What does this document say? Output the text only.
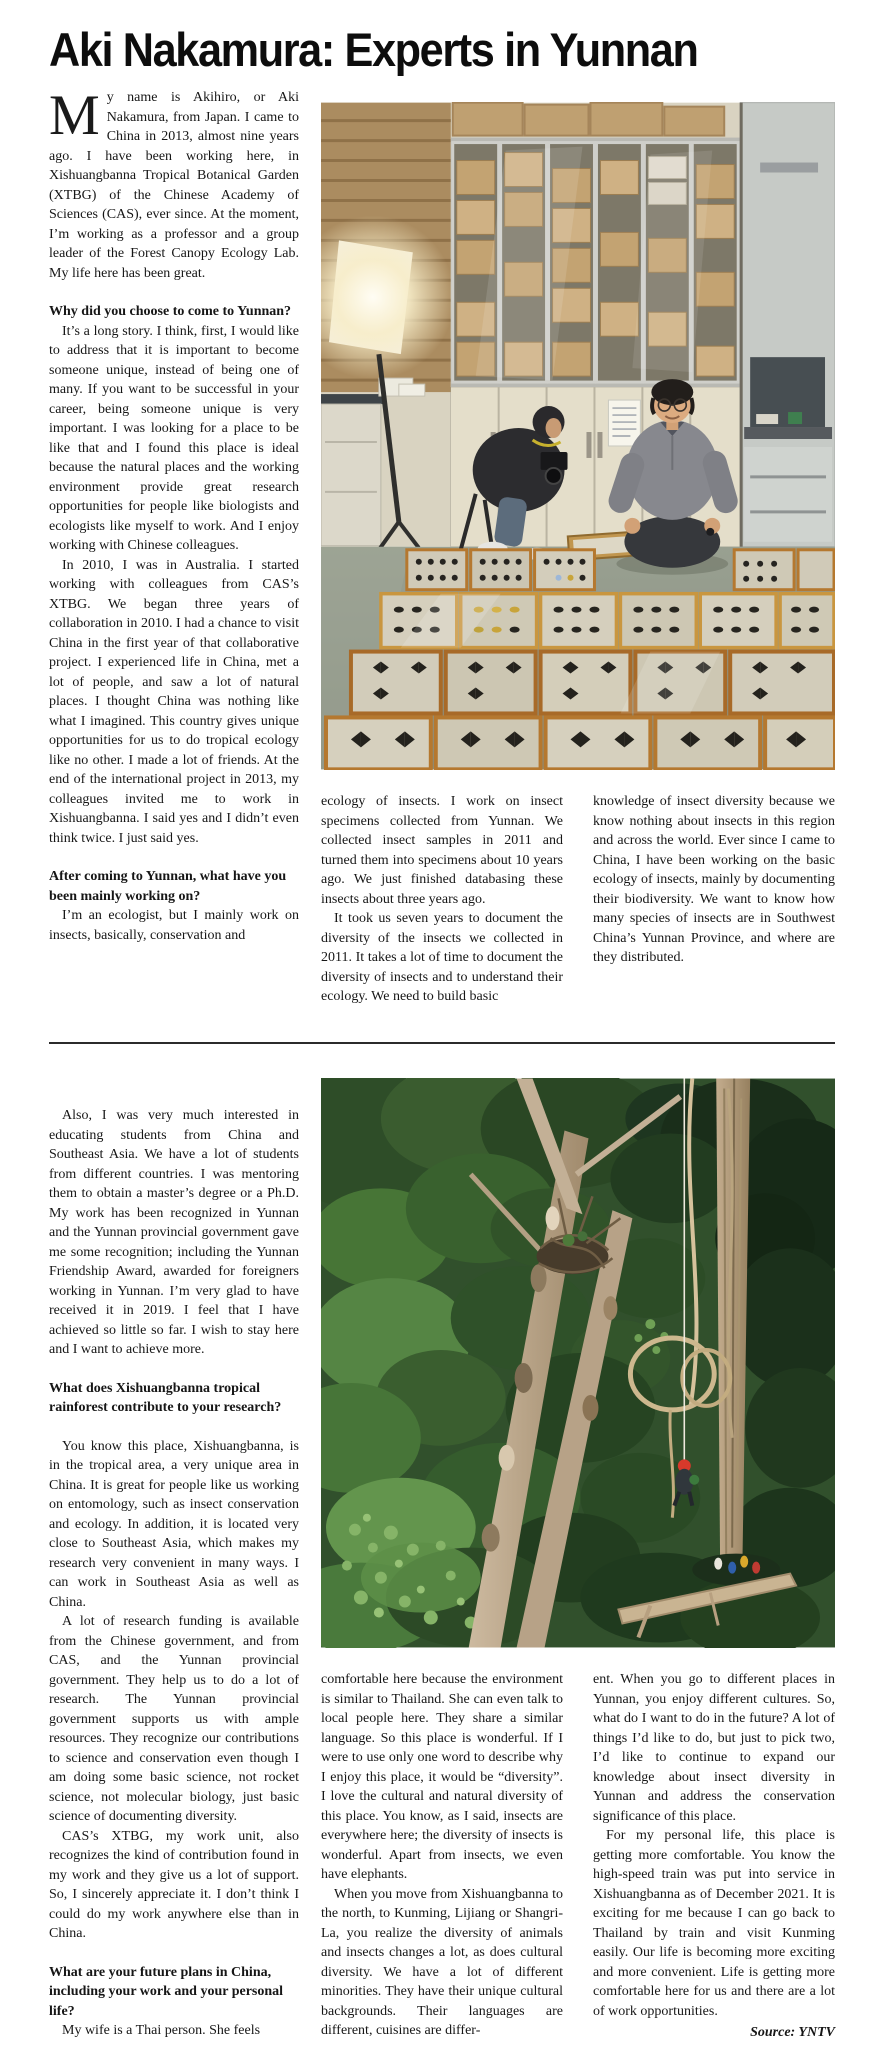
Aki Nakamura: Experts in Yunnan

My name is Akihiro, or Aki Nakamura, from Japan. I came to China in 2013, almost nine years ago. I have been working here, in Xishuangbanna Tropical Botanical Garden (XTBG) of the Chinese Academy of Sciences (CAS), ever since. At the moment, I’m working as a professor and a group leader of the Forest Canopy Ecology Lab. My life here has been great.

Why did you choose to come to Yunnan?

It’s a long story. I think, first, I would like to address that it is important to become someone unique, instead of being one of many. If you want to be successful in your career, being someone unique is very important. I was looking for a place to be like that and I found this place is ideal because the natural places and the working environment provide great research opportunities for people like biologists and ecologists like myself to work. And I enjoy working with Chinese colleagues.

In 2010, I was in Australia. I started working with colleagues from CAS’s XTBG. We began three years of collaboration in 2010. I had a chance to visit China in the first year of that collaborative project. I experienced life in China, met a lot of people, and saw a lot of natural places. I thought China was nothing like what I imagined. This country gives unique opportunities for us to do tropical ecology like no other. I made a lot of friends. At the end of the international project in 2013, my colleagues invited me to work in Xishuangbanna. I said yes and I didn’t even think twice. I just said yes.

After coming to Yunnan, what have you been mainly working on?

I’m an ecologist, but I mainly work on insects, basically, conservation and

ecology of insects. I work on insect specimens collected from Yunnan. We collected insect samples in 2011 and turned them into specimens about 10 years ago. We just finished databasing these insects about three years ago.

It took us seven years to document the diversity of the insects we collected in 2011. It takes a lot of time to document the diversity of insects and to understand their ecology. We need to build basic

knowledge of insect diversity because we know nothing about insects in this region and across the world. Ever since I came to China, I have been working on the basic ecology of insects, mainly by documenting their biodiversity. We want to know how many species of insects are in Southwest China’s Yunnan Province, and where are they distributed.

Also, I was very much interested in educating students from China and Southeast Asia. We have a lot of students from different countries. I was mentoring them to obtain a master’s degree or a Ph.D. My work has been recognized in Yunnan and the Yunnan provincial government gave me some recognition; including the Yunnan Friendship Award, awarded for foreigners working in Yunnan. I’m very glad to have received it in 2019. I feel that I have achieved so little so far. I wish to stay here and I want to achieve more.

What does Xishuangbanna tropical rainforest contribute to your research?

You know this place, Xishuangbanna, is in the tropical area, a very unique area in China. It is great for people like us working on entomology, such as insect conservation and ecology. In addition, it is located very close to Southeast Asia, which makes my research very convenient in many ways. I can work in Southeast Asia as well as China.

A lot of research funding is available from the Chinese government, and from CAS, and the Yunnan provincial government. They help us to do a lot of research. The Yunnan provincial government supports us with ample resources. They recognize our contributions to science and conservation even though I am doing some basic science, not rocket science, not molecular biology, just basic science of documenting diversity.

CAS’s XTBG, my work unit, also recognizes the kind of contribution found in my work and they give us a lot of support. So, I sincerely appreciate it. I don’t think I could do my work anywhere else than in China.

What are your future plans in China, including your work and your personal life?

My wife is a Thai person. She feels

comfortable here because the environment is similar to Thailand. She can even talk to local people here. They share a similar language. So this place is wonderful. If I were to use only one word to describe why I enjoy this place, it would be “diversity”. I love the cultural and natural diversity of this place. You know, as I said, insects are everywhere here; the diversity of insects is wonderful. Apart from insects, we even have elephants.

When you move from Xishuangbanna to the north, to Kunming, Lijiang or Shangri-La, you realize the diversity of animals and insects changes a lot, as does cultural diversity. We have a lot of different minorities. They have their unique cultural backgrounds. Their languages are different, cuisines are differ-

ent. When you go to different places in Yunnan, you enjoy different cultures. So, what do I want to do in the future? A lot of things I’d like to do, but just to pick two, I’d like to continue to expand our knowledge about insect diversity in Yunnan and address the conservation significance of this place.

For my personal life, this place is getting more comfortable. You know the high-speed train was put into service in Xishuangbanna as of December 2021. It is exciting for me because I can go back to Thailand by train and visit Kunming easily. Our life is becoming more exciting and more convenient. Life is getting more comfortable here for us and there are a lot of work opportunities.

Source: YNTV
